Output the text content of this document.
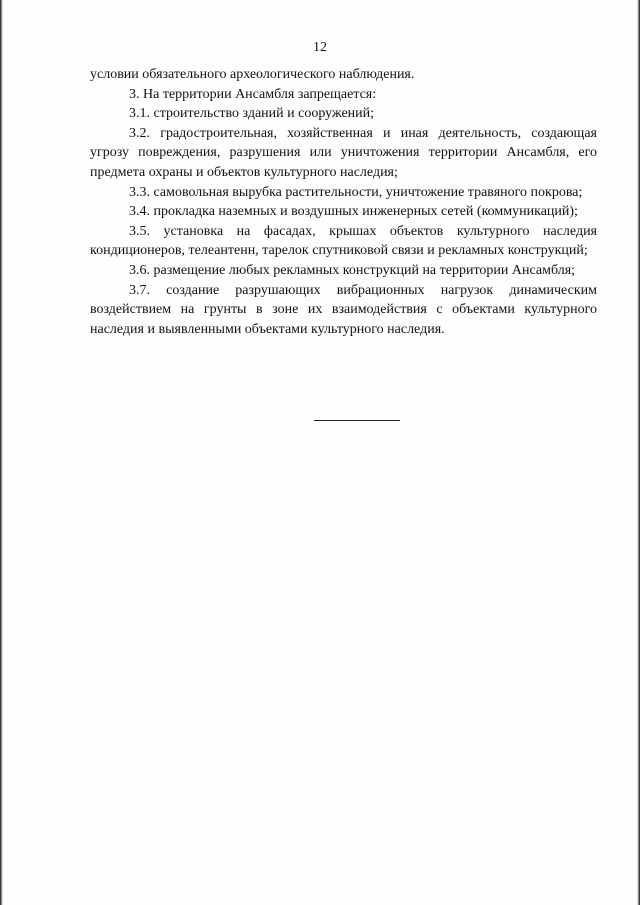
12

условии обязательного археологического наблюдения.

3. На территории Ансамбля запрещается:

3.1. строительство зданий и сооружений;

3.2. градостроительная, хозяйственная и иная деятельность, создающая угрозу повреждения, разрушения или уничтожения территории Ансамбля, его предмета охраны и объектов культурного наследия;

3.3. самовольная вырубка растительности, уничтожение травяного покрова;

3.4. прокладка наземных и воздушных инженерных сетей (коммуникаций);

3.5. установка на фасадах, крышах объектов культурного наследия кондиционеров, телеантенн, тарелок спутниковой связи и рекламных конструкций;

3.6. размещение любых рекламных конструкций на территории Ансамбля;

3.7. создание разрушающих вибрационных нагрузок динамическим воздействием на грунты в зоне их взаимодействия с объектами культурного наследия и выявленными объектами культурного наследия.
